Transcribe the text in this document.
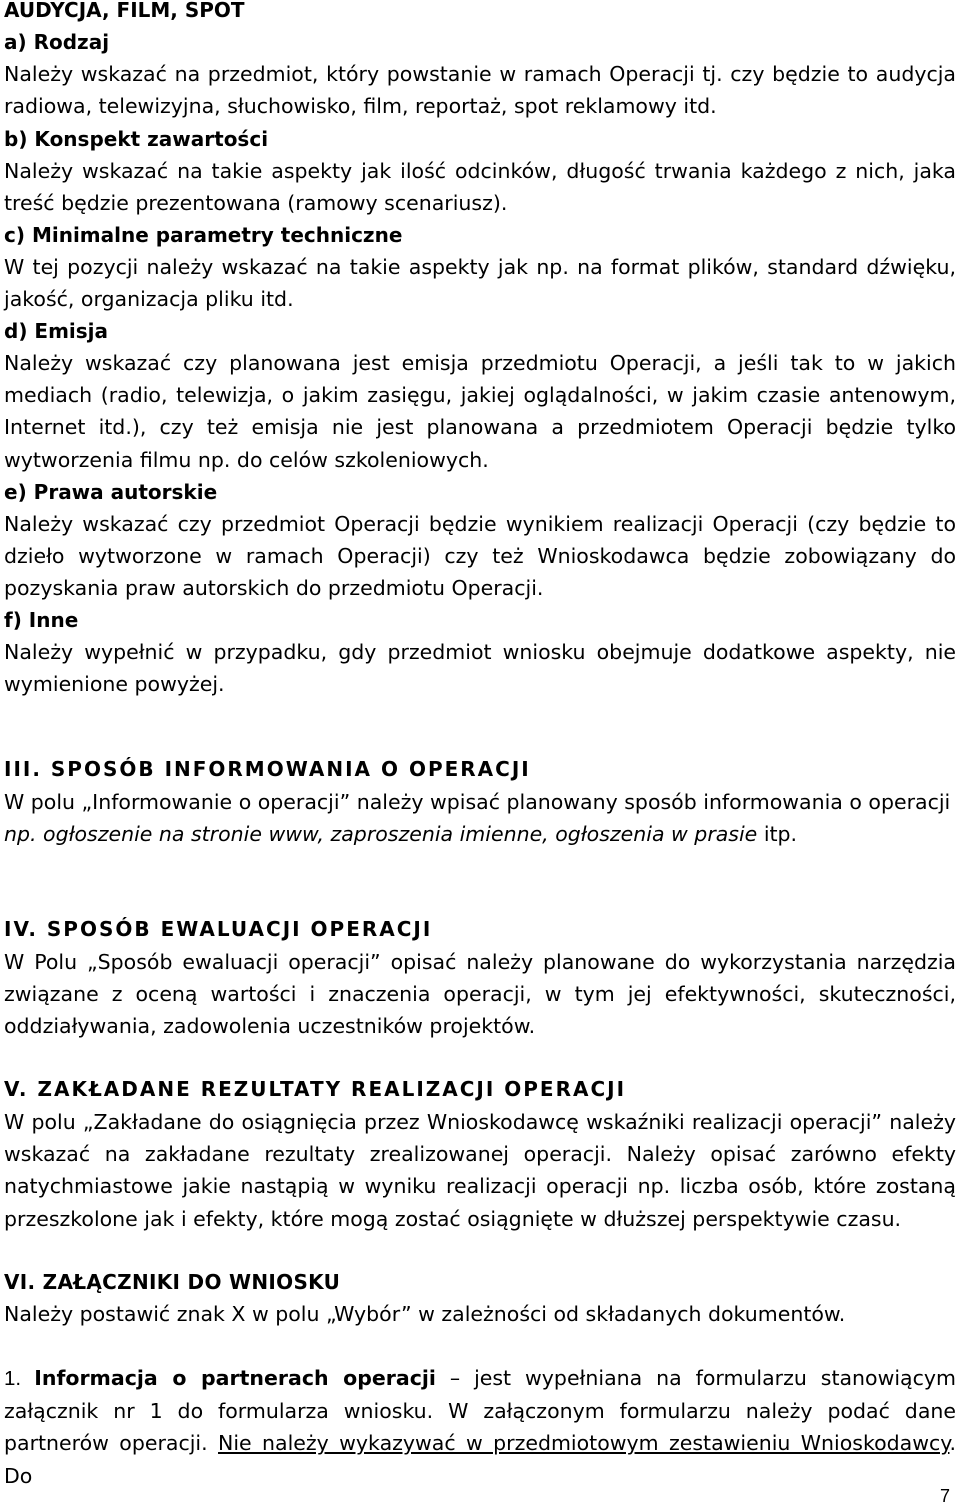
AUDYCJA, FILM, SPOT
a) Rodzaj

Należy wskazać na przedmiot, który powstanie w ramach Operacji tj. czy będzie to audycja radiowa, telewizyjna, słuchowisko, film, reportaż, spot reklamowy itd.

b) Konspekt zawartości

Należy wskazać na takie aspekty jak ilość odcinków, długość trwania każdego z nich, jaka treść będzie prezentowana (ramowy scenariusz).

c) Minimalne parametry techniczne

W tej pozycji należy wskazać na takie aspekty jak np. na format plików, standard dźwięku, jakość, organizacja pliku itd.

d) Emisja

Należy wskazać czy planowana jest emisja przedmiotu Operacji, a jeśli tak to w jakich mediach (radio, telewizja, o jakim zasięgu, jakiej oglądalności, w jakim czasie antenowym, Internet itd.), czy też emisja nie jest planowana a przedmiotem Operacji będzie tylko wytworzenia filmu np. do celów szkoleniowych.

e) Prawa autorskie

Należy wskazać czy przedmiot Operacji będzie wynikiem realizacji Operacji (czy będzie to dzieło wytworzone w ramach Operacji) czy też Wnioskodawca będzie zobowiązany do pozyskania praw autorskich do przedmiotu Operacji.

f) Inne

Należy wypełnić w przypadku, gdy przedmiot wniosku obejmuje dodatkowe aspekty, nie wymienione powyżej.

III. SPOSÓB INFORMOWANIA O OPERACJI

W polu „Informowanie o operacji” należy wpisać planowany sposób informowania o operacji
np. ogłoszenie na stronie www, zaproszenia imienne, ogłoszenia w prasie itp.

IV. SPOSÓB EWALUACJI OPERACJI

W Polu „Sposób ewaluacji operacji” opisać należy planowane do wykorzystania narzędzia związane z oceną wartości i znaczenia operacji, w tym jej efektywności, skuteczności, oddziaływania, zadowolenia uczestników projektów.

V. ZAKŁADANE REZULTATY REALIZACJI OPERACJI

W polu „Zakładane do osiągnięcia przez Wnioskodawcę wskaźniki realizacji operacji” należy wskazać na zakładane rezultaty zrealizowanej operacji. Należy opisać zarówno efekty natychmiastowe jakie nastąpią w wyniku realizacji operacji np. liczba osób, które zostaną przeszkolone jak i efekty, które mogą zostać osiągnięte w dłuższej perspektywie czasu.

VI. ZAŁĄCZNIKI DO WNIOSKU

Należy postawić znak X w polu „Wybór” w zależności od składanych dokumentów.

1. Informacja o partnerach operacji – jest wypełniana na formularzu stanowiącym załącznik nr 1 do formularza wniosku. W załączonym formularzu należy podać dane partnerów operacji. Nie należy wykazywać w przedmiotowym zestawieniu Wnioskodawcy. Do

7
